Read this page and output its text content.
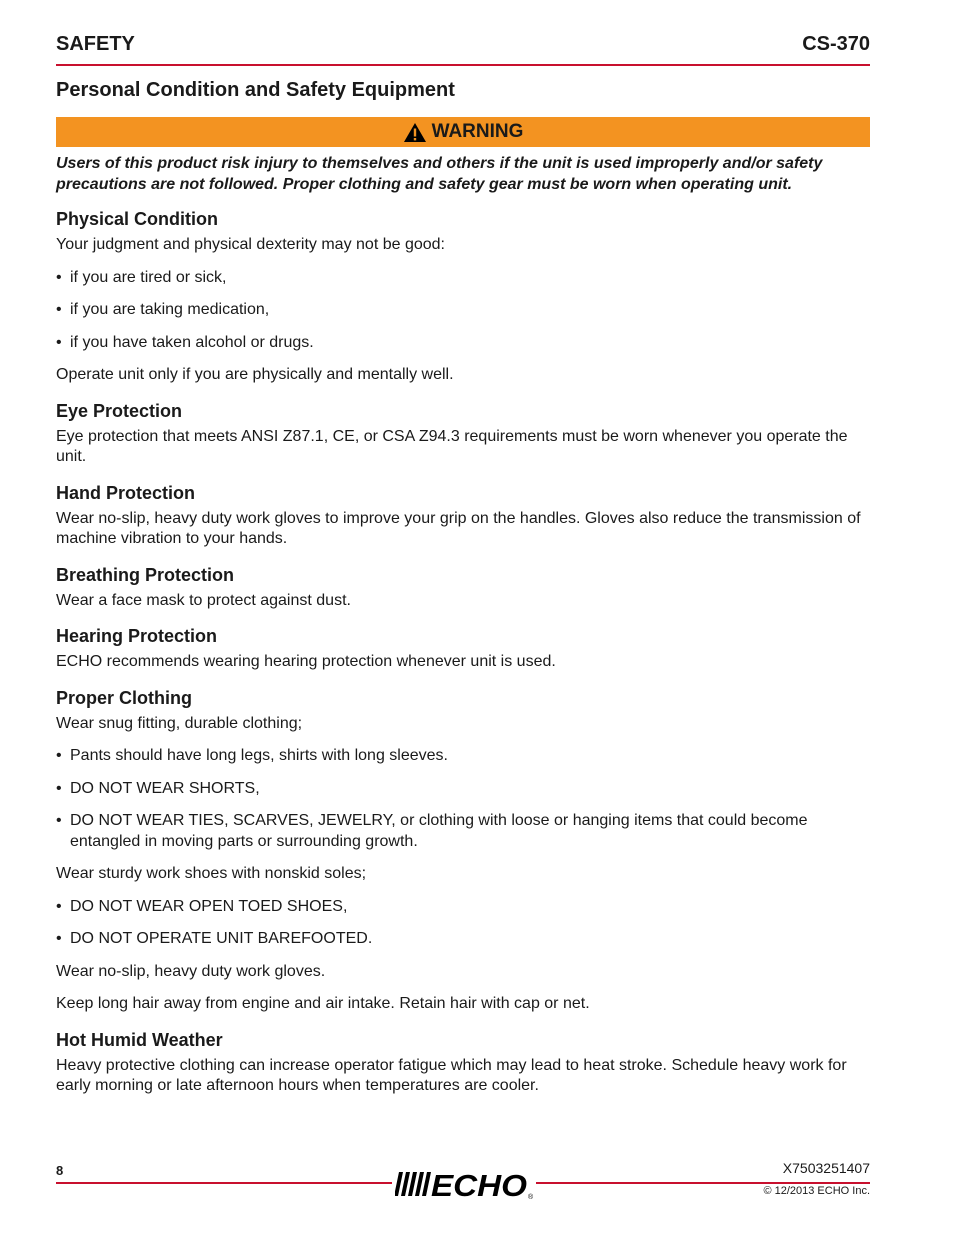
SAFETY	CS-370
Personal Condition and Safety Equipment
WARNING
Users of this product risk injury to themselves and others if the unit is used improperly and/or safety precautions are not followed. Proper clothing and safety gear must be worn when operating unit.
Physical Condition
Your judgment and physical dexterity may not be good:
• if you are tired or sick,
• if you are taking medication,
• if you have taken alcohol or drugs.
Operate unit only if you are physically and mentally well.
Eye Protection
Eye protection that meets ANSI Z87.1, CE, or CSA Z94.3 requirements must be worn whenever you operate the unit.
Hand Protection
Wear no-slip, heavy duty work gloves to improve your grip on the handles. Gloves also reduce the transmission of machine vibration to your hands.
Breathing Protection
Wear a face mask to protect against dust.
Hearing Protection
ECHO recommends wearing hearing protection whenever unit is used.
Proper Clothing
Wear snug fitting, durable clothing;
• Pants should have long legs, shirts with long sleeves.
• DO NOT WEAR SHORTS,
• DO NOT WEAR TIES, SCARVES, JEWELRY, or clothing with loose or hanging items that could become entangled in moving parts or surrounding growth.
Wear sturdy work shoes with nonskid soles;
• DO NOT WEAR OPEN TOED SHOES,
• DO NOT OPERATE UNIT BAREFOOTED.
Wear no-slip, heavy duty work gloves.
Keep long hair away from engine and air intake. Retain hair with cap or net.
Hot Humid Weather
Heavy protective clothing can increase operator fatigue which may lead to heat stroke. Schedule heavy work for early morning or late afternoon hours when temperatures are cooler.
8	X7503251407
© 12/2013 ECHO Inc.
ECHO ®
